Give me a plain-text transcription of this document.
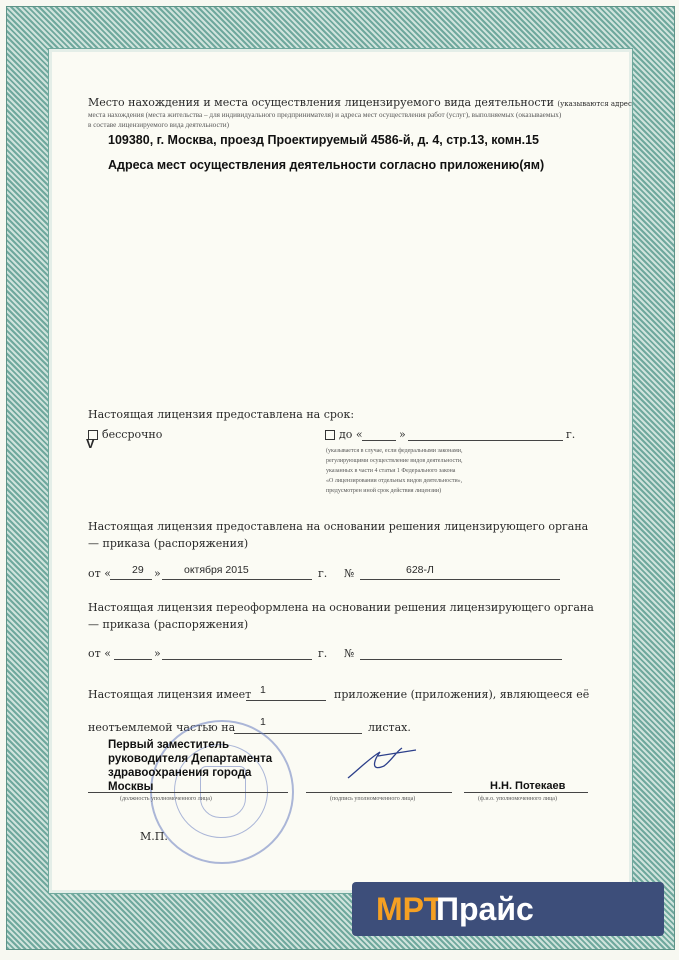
Место нахождения и места осуществления лицензируемого вида деятельности (указываются адрес
места нахождения (места жительства – для индивидуального предпринимателя) и адреса мест осуществления работ (услуг), выполняемых (оказываемых)
в составе лицензируемого вида деятельности)
109380, г. Москва, проезд Проектируемый 4586-й, д. 4, стр.13, комн.15
Адреса мест осуществления деятельности согласно приложению(ям)
Настоящая лицензия предоставлена на срок:
бессрочно
V
до «	»	г.
(указывается в случае, если федеральными законами,
регулирующими осуществление видов деятельности,
указанных в части 4 статьи 1 Федерального закона
«О лицензировании отдельных видов деятельности»,
предусмотрен иной срок действия лицензии)
Настоящая лицензия предоставлена на основании решения лицензирующего органа
— приказа (распоряжения)
от « 29 » октября 2015	г. №	628-Л
Настоящая лицензия переоформлена на основании решения лицензирующего органа
— приказа (распоряжения)
от «	»	г. №
Настоящая лицензия имеет 1	приложение (приложения), являющееся её
неотъемлемой частью на 1	листах.
Первый заместитель
руководителя Департамента
здравоохранения города
Москвы
(должность уполномоченного лица)	(подпись уполномоченного лица)
Н.Н. Потекаев
(ф.и.о. уполномоченного лица)
М.П.
МРТ
Прайс
